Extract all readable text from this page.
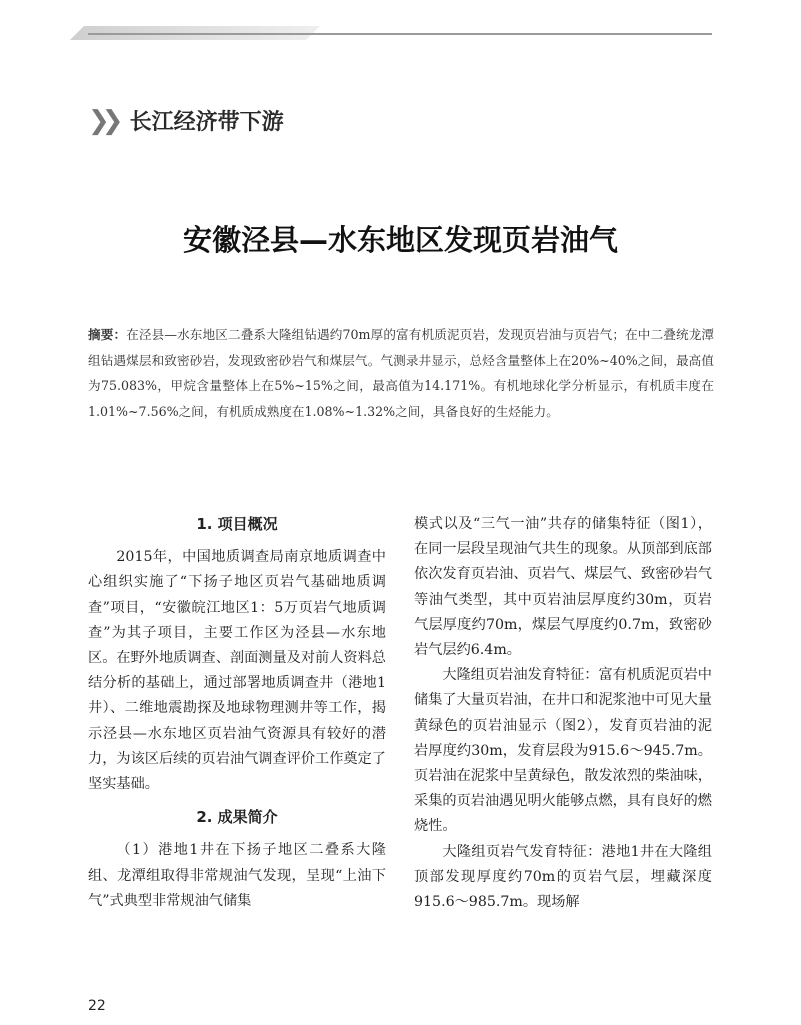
❯❯ 长江经济带下游
安徽泾县—水东地区发现页岩油气
摘要：在泾县—水东地区二叠系大隆组钻遇约70m厚的富有机质泥页岩，发现页岩油与页岩气；在中二叠统龙潭组钻遇煤层和致密砂岩，发现致密砂岩气和煤层气。气测录井显示，总烃含量整体上在20%~40%之间，最高值为75.083%，甲烷含量整体上在5%~15%之间，最高值为14.171%。有机地球化学分析显示，有机质丰度在1.01%~7.56%之间，有机质成熟度在1.08%~1.32%之间，具备良好的生烃能力。
1. 项目概况

2015年，中国地质调查局南京地质调查中心组织实施了“下扬子地区页岩气基础地质调查”项目，“安徽皖江地区1：5万页岩气地质调查”为其子项目，主要工作区为泾县—水东地区。在野外地质调查、剖面测量及对前人资料总结分析的基础上，通过部署地质调查井（港地1井）、二维地震勘探及地球物理测井等工作，揭示泾县—水东地区页岩油气资源具有较好的潜力，为该区后续的页岩油气调查评价工作奠定了坚实基础。

2. 成果简介

（1）港地1井在下扬子地区二叠系大隆组、龙潭组取得非常规油气发现，呈现“上油下气”式典型非常规油气储集

模式以及“三气一油”共存的储集特征（图1），在同一层段呈现油气共生的现象。从顶部到底部依次发育页岩油、页岩气、煤层气、致密砂岩气等油气类型，其中页岩油层厚度约30m，页岩气层厚度约70m，煤层气厚度约0.7m，致密砂岩气层约6.4m。

大隆组页岩油发育特征：富有机质泥页岩中储集了大量页岩油，在井口和泥浆池中可见大量黄绿色的页岩油显示（图2），发育页岩油的泥岩厚度约30m，发育层段为915.6～945.7m。页岩油在泥浆中呈黄绿色，散发浓烈的柴油味，采集的页岩油遇见明火能够点燃，具有良好的燃烧性。

大隆组页岩气发育特征：港地1井在大隆组顶部发现厚度约70m的页岩气层，埋藏深度915.6～985.7m。现场解

22
